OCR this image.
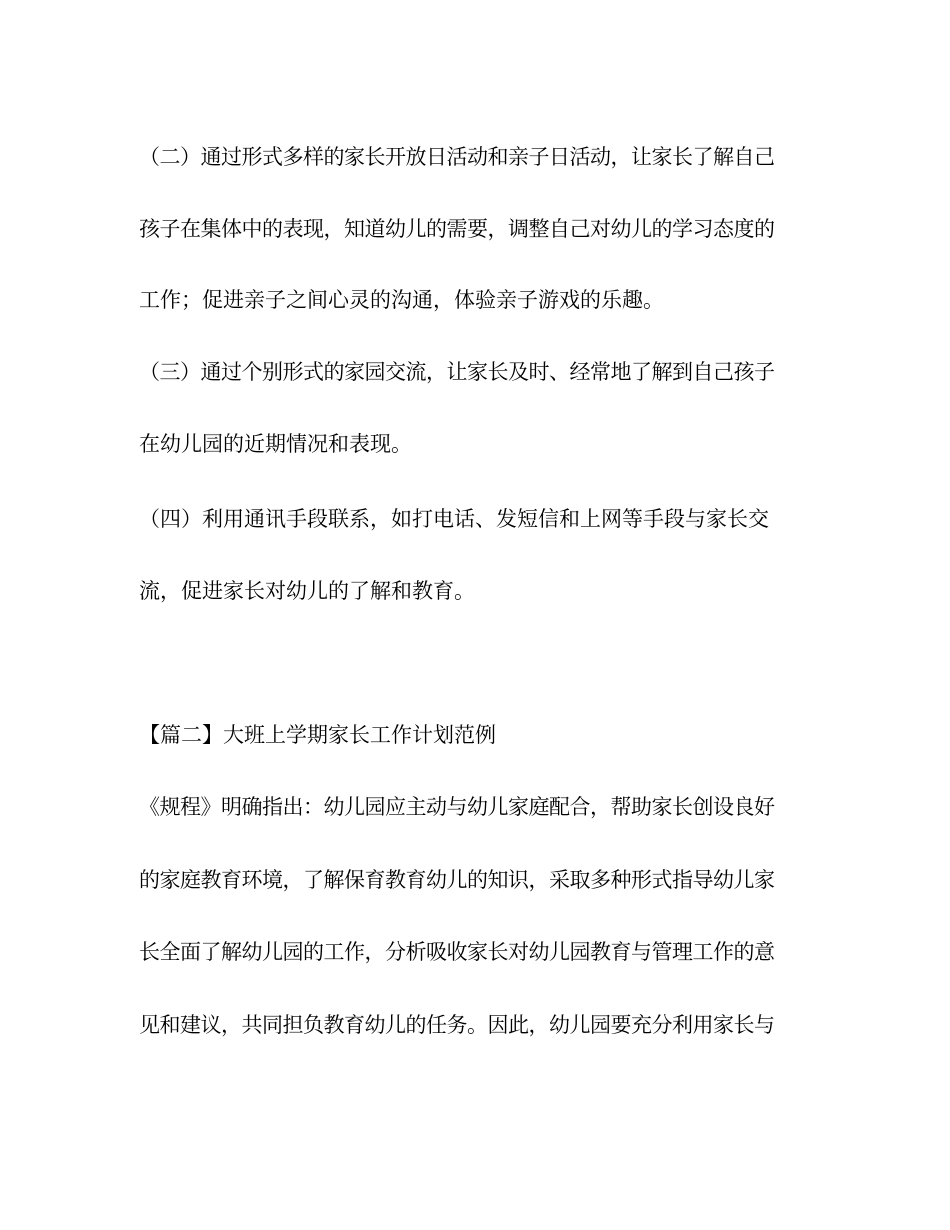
（二）通过形式多样的家长开放日活动和亲子日活动，让家长了解自己
孩子在集体中的表现，知道幼儿的需要，调整自己对幼儿的学习态度的
工作；促进亲子之间心灵的沟通，体验亲子游戏的乐趣。
（三）通过个别形式的家园交流，让家长及时、经常地了解到自己孩子
在幼儿园的近期情况和表现。
（四）利用通讯手段联系，如打电话、发短信和上网等手段与家长交
流，促进家长对幼儿的了解和教育。
【篇二】大班上学期家长工作计划范例
《规程》明确指出：幼儿园应主动与幼儿家庭配合，帮助家长创设良好
的家庭教育环境，了解保育教育幼儿的知识，采取多种形式指导幼儿家
长全面了解幼儿园的工作，分析吸收家长对幼儿园教育与管理工作的意
见和建议，共同担负教育幼儿的任务。因此，幼儿园要充分利用家长与
